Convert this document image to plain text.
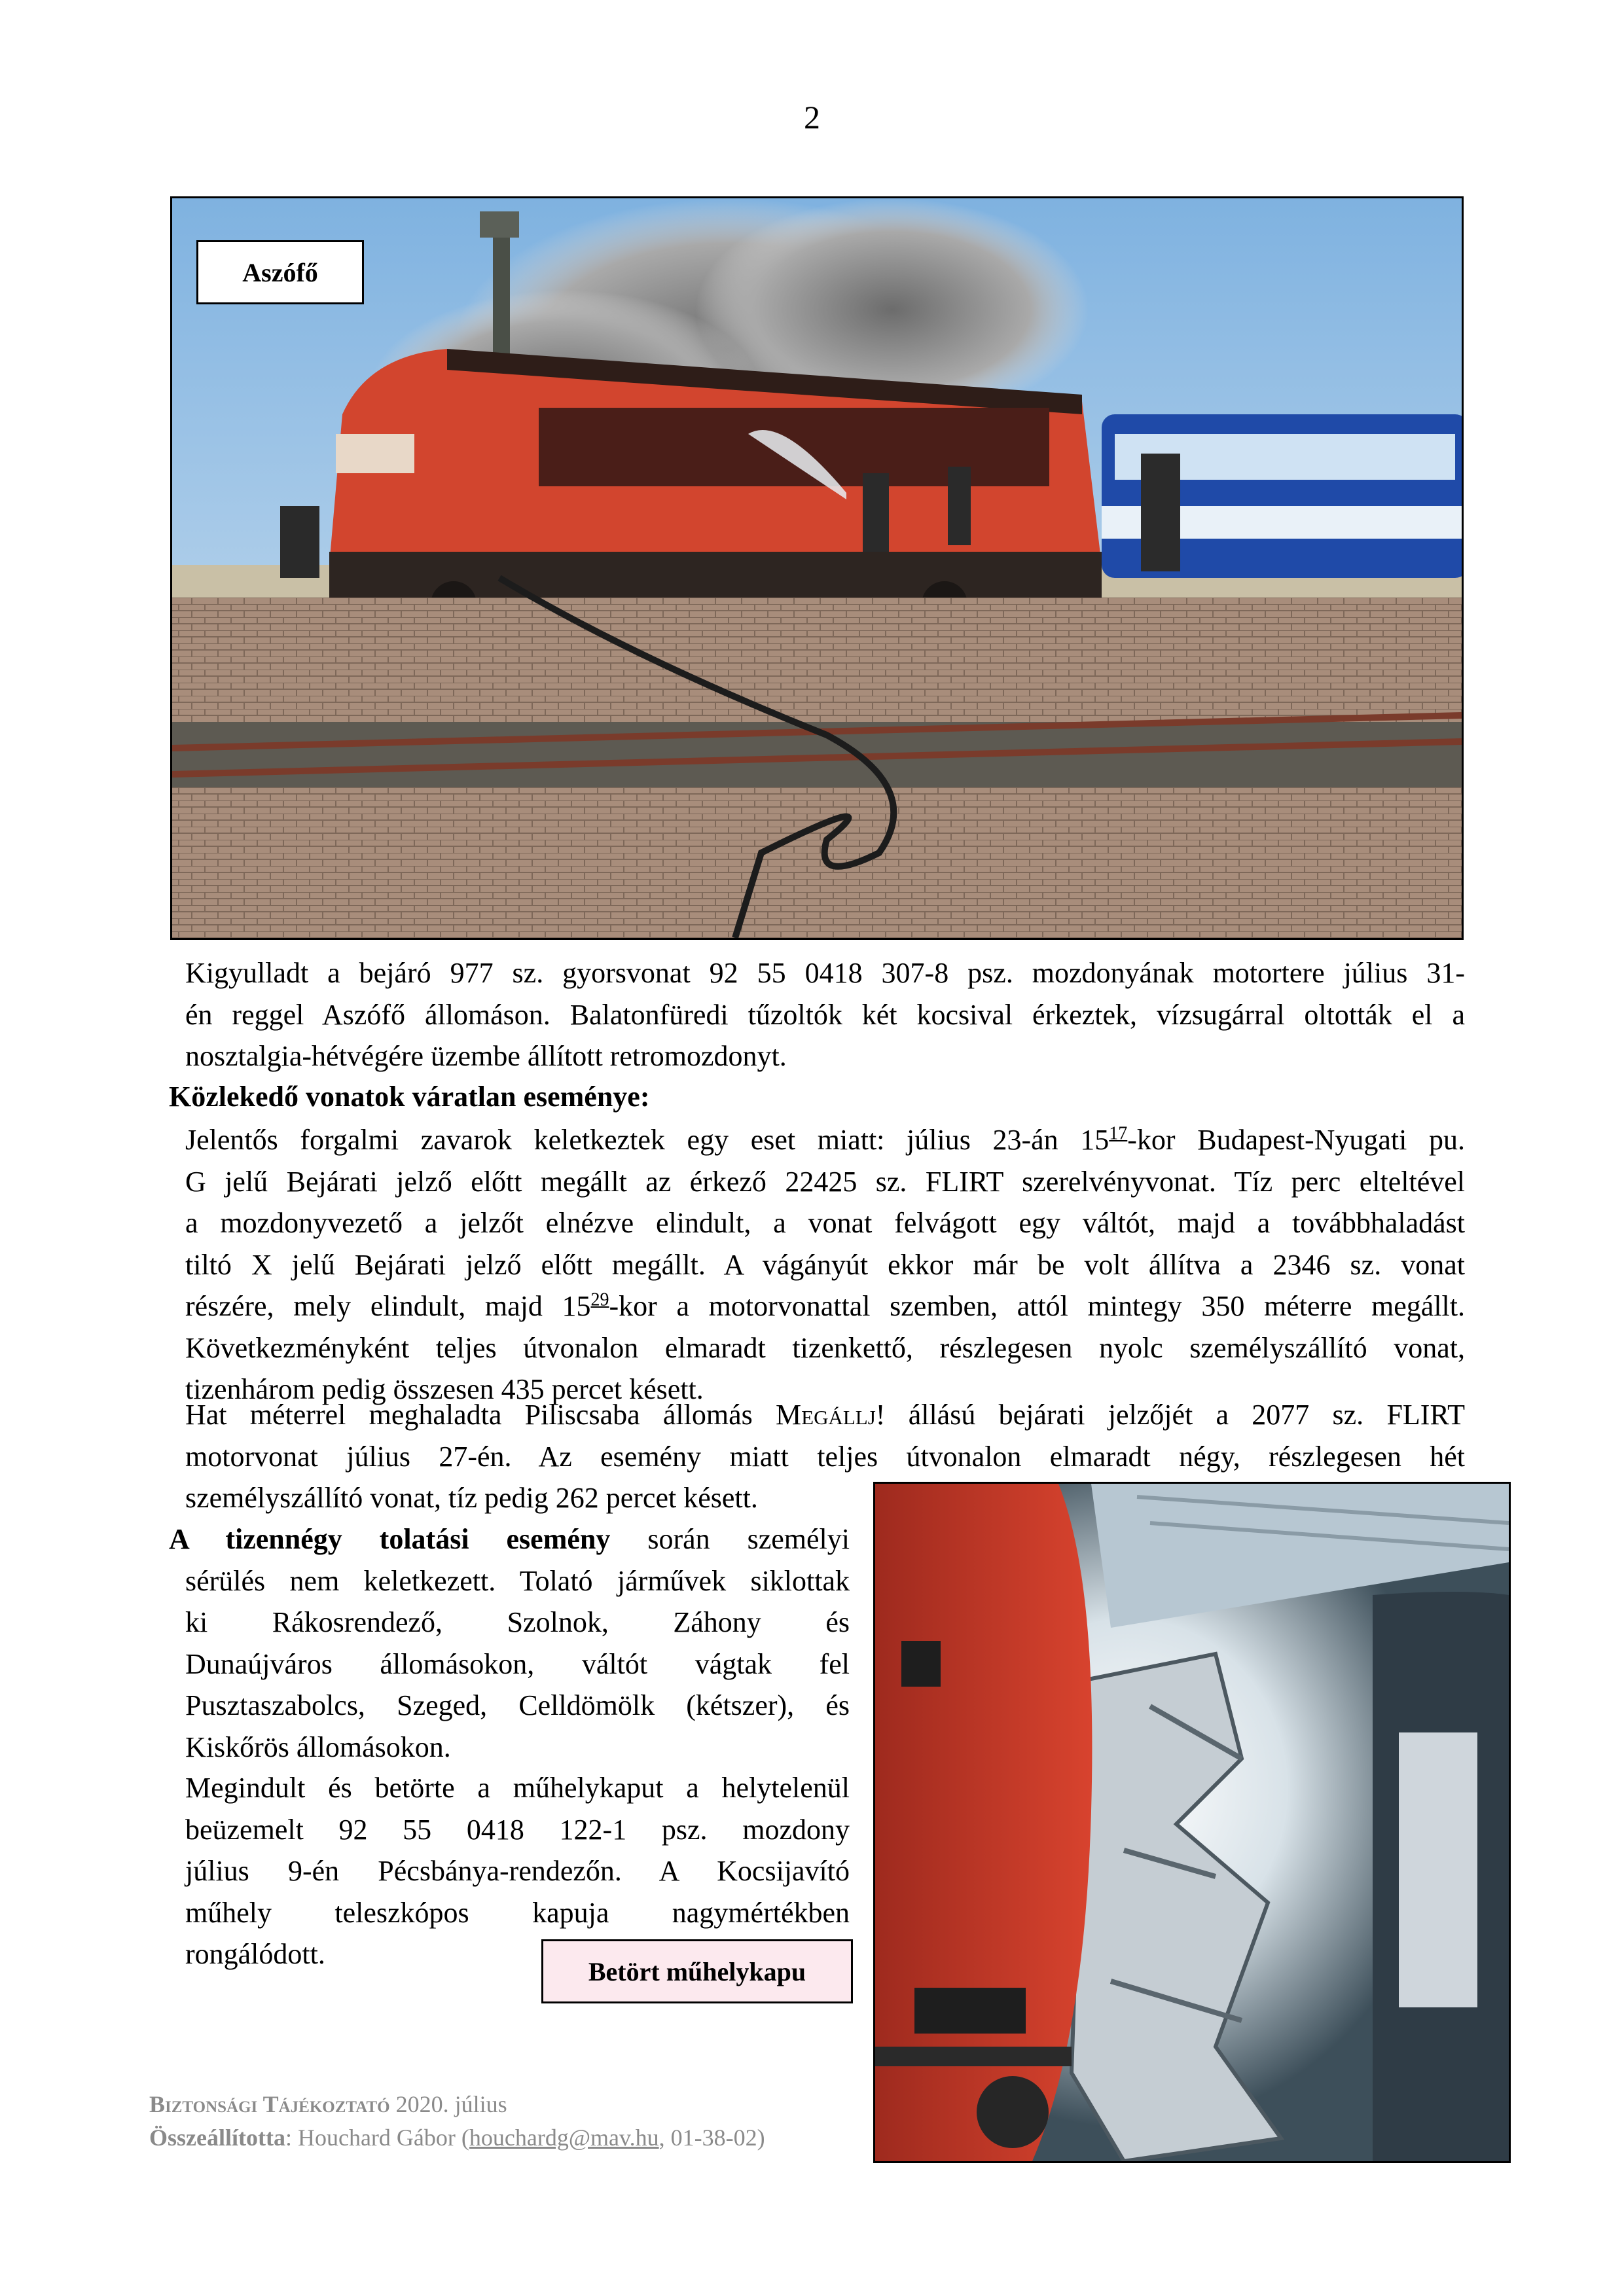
2
Aszófő
Kigyulladt a bejáró 977 sz. gyorsvonat 92 55 0418 307-8 psz. mozdonyának motortere július 31-
én reggel Aszófő állomáson. Balatonfüredi tűzoltók két kocsival érkeztek, vízsugárral oltották el a
nosztalgia-hétvégére üzembe állított retromozdonyt.
Közlekedő vonatok váratlan eseménye:
Jelentős forgalmi zavarok keletkeztek egy eset miatt: július 23-án $15^{17}$-kor Budapest-Nyugati pu.
G jelű Bejárati jelző előtt megállt az érkező 22425 sz. FLIRT szerelvényvonat. Tíz perc elteltével
a mozdonyvezető a jelzőt elnézve elindult, a vonat felvágott egy váltót, majd a továbbhaladást
tiltó X jelű Bejárati jelző előtt megállt. A vágányút ekkor már be volt állítva a 2346 sz. vonat
részére, mely elindult, majd $15^{29}$-kor a motorvonattal szemben, attól mintegy 350 méterre megállt.
Következményként teljes útvonalon elmaradt tizenkettő, részlegesen nyolc személyszállító vonat,
tizenhárom pedig összesen 435 percet késett.
Hat méterrel meghaladta Piliscsaba állomás Megállj! állású bejárati jelzőjét a 2077 sz. FLIRT
motorvonat július 27-én. Az esemény miatt teljes útvonalon elmaradt négy, részlegesen hét
személyszállító vonat, tíz pedig 262 percet késett.
A tizennégy tolatási esemény során személyi
sérülés nem keletkezett. Tolató járművek siklottak
ki Rákosrendező, Szolnok, Záhony és
Dunaújváros állomásokon, váltót vágtak fel
Pusztaszabolcs, Szeged, Celldömölk (kétszer), és
Kiskőrös állomásokon.
Megindult és betörte a műhelykaput a helytelenül
beüzemelt 92 55 0418 122-1 psz. mozdony
július 9-én Pécsbánya-rendezőn. A Kocsijavító
műhely teleszkópos kapuja nagymértékben
rongálódott.
Betört műhelykapu
Biztonsági Tájékoztató 2020. július
Összeállította: Houchard Gábor (houchardg@mav.hu, 01-38-02)
